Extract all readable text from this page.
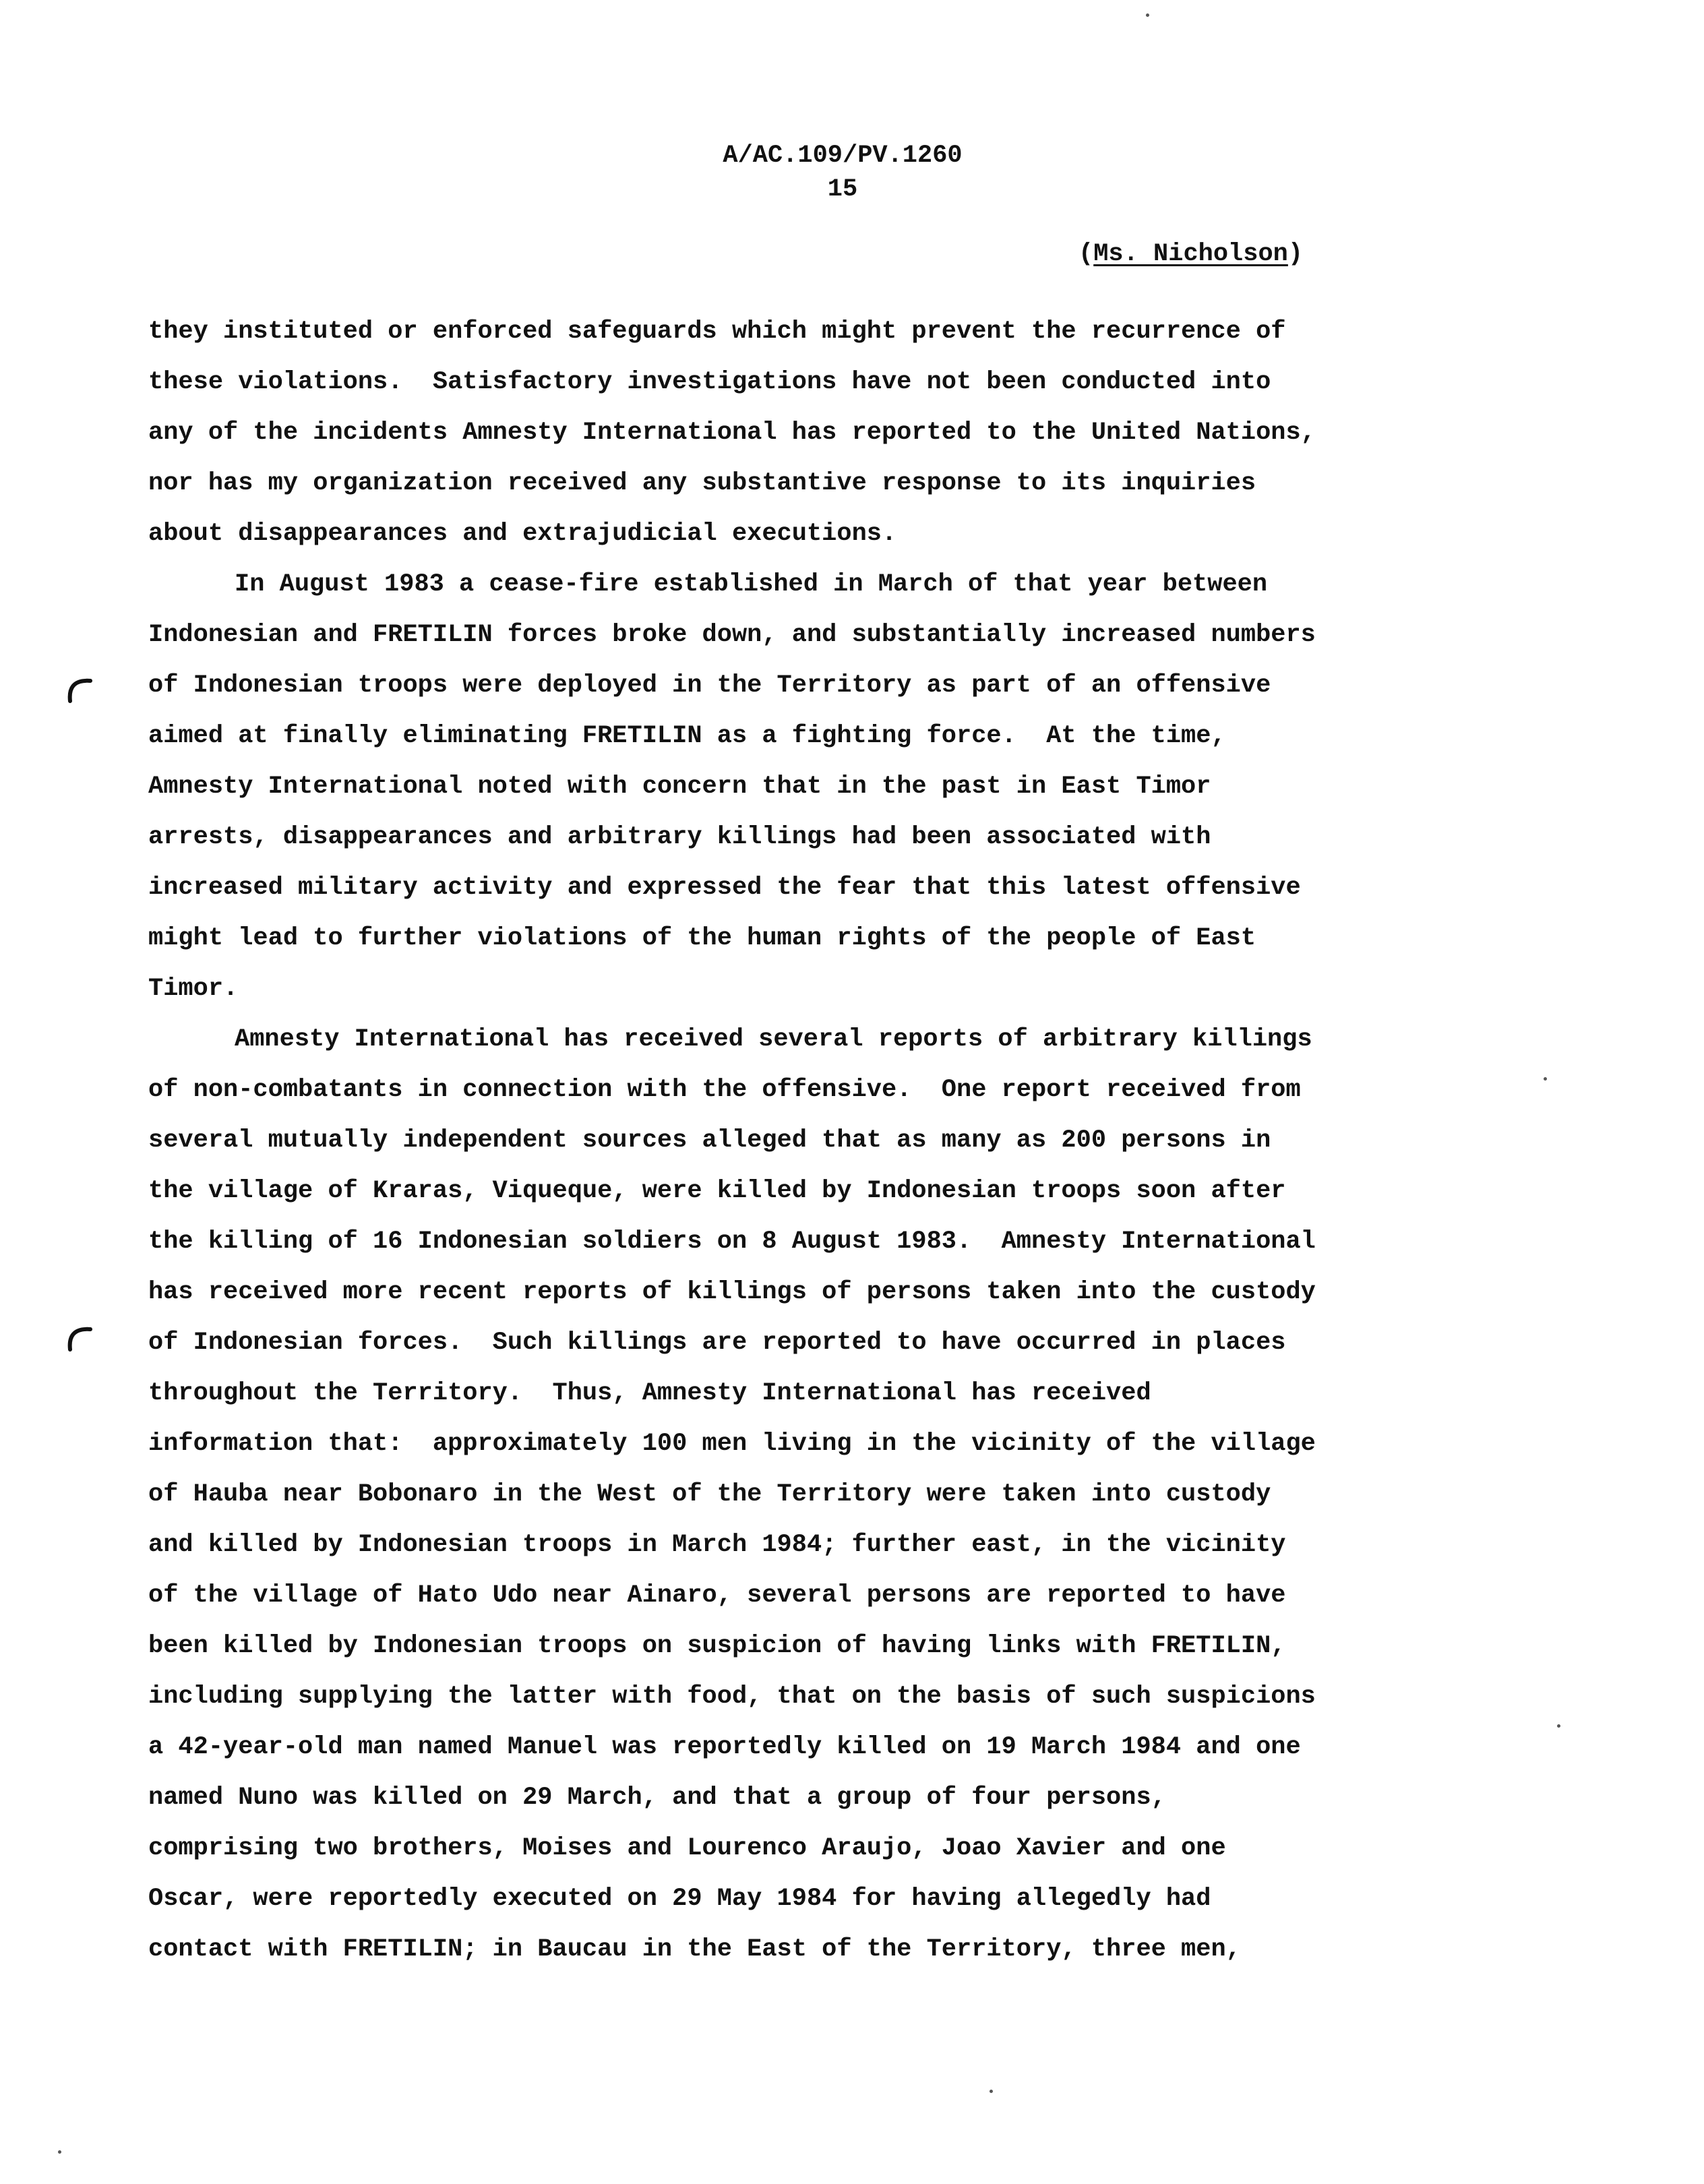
A/AC.109/PV.1260
15
(Ms. Nicholson)
they instituted or enforced safeguards which might prevent the recurrence of
these violations.  Satisfactory investigations have not been conducted into
any of the incidents Amnesty International has reported to the United Nations,
nor has my organization received any substantive response to its inquiries
about disappearances and extrajudicial executions.
In August 1983 a cease-fire established in March of that year between
Indonesian and FRETILIN forces broke down, and substantially increased numbers
of Indonesian troops were deployed in the Territory as part of an offensive
aimed at finally eliminating FRETILIN as a fighting force.  At the time,
Amnesty International noted with concern that in the past in East Timor
arrests, disappearances and arbitrary killings had been associated with
increased military activity and expressed the fear that this latest offensive
might lead to further violations of the human rights of the people of East
Timor.
Amnesty International has received several reports of arbitrary killings
of non-combatants in connection with the offensive.  One report received from
several mutually independent sources alleged that as many as 200 persons in
the village of Kraras, Viqueque, were killed by Indonesian troops soon after
the killing of 16 Indonesian soldiers on 8 August 1983.  Amnesty International
has received more recent reports of killings of persons taken into the custody
of Indonesian forces.  Such killings are reported to have occurred in places
throughout the Territory.  Thus, Amnesty International has received
information that:  approximately 100 men living in the vicinity of the village
of Hauba near Bobonaro in the West of the Territory were taken into custody
and killed by Indonesian troops in March 1984; further east, in the vicinity
of the village of Hato Udo near Ainaro, several persons are reported to have
been killed by Indonesian troops on suspicion of having links with FRETILIN,
including supplying the latter with food, that on the basis of such suspicions
a 42-year-old man named Manuel was reportedly killed on 19 March 1984 and one
named Nuno was killed on 29 March, and that a group of four persons,
comprising two brothers, Moises and Lourenco Araujo, Joao Xavier and one
Oscar, were reportedly executed on 29 May 1984 for having allegedly had
contact with FRETILIN; in Baucau in the East of the Territory, three men,
